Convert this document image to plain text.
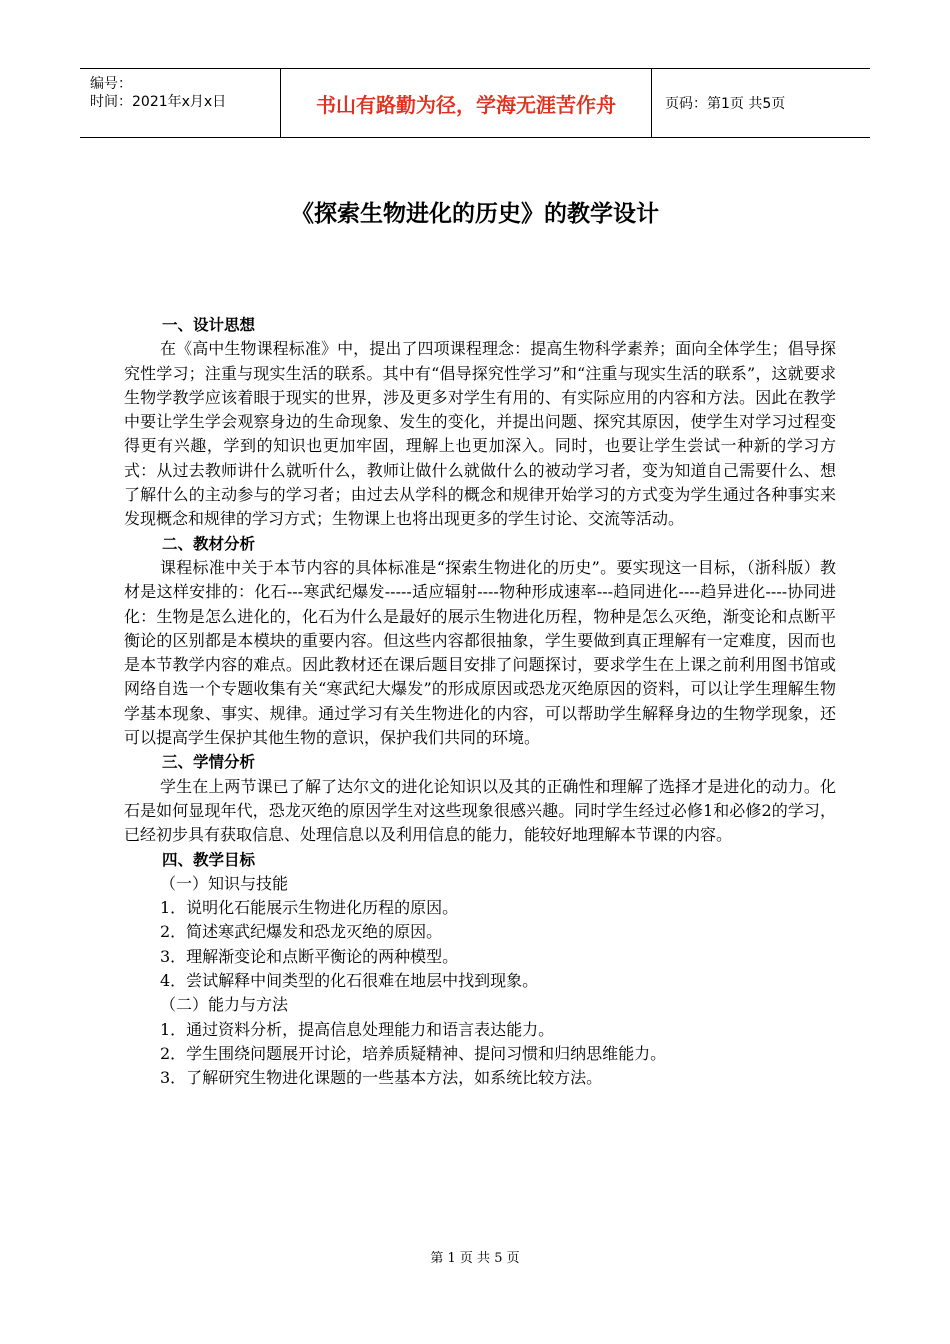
编号：
时间：2021年x月x日	书山有路勤为径，学海无涯苦作舟	页码：第1页 共5页
《探索生物进化的历史》的教学设计

一、设计思想

在《高中生物课程标准》中，提出了四项课程理念：提高生物科学素养；面向全体学生；倡导探究性学习；注重与现实生活的联系。其中有“倡导探究性学习”和“注重与现实生活的联系”，这就要求生物学教学应该着眼于现实的世界，涉及更多对学生有用的、有实际应用的内容和方法。因此在教学中要让学生学会观察身边的生命现象、发生的变化，并提出问题、探究其原因，使学生对学习过程变得更有兴趣，学到的知识也更加牢固，理解上也更加深入。同时，也要让学生尝试一种新的学习方式：从过去教师讲什么就听什么，教师让做什么就做什么的被动学习者，变为知道自己需要什么、想了解什么的主动参与的学习者；由过去从学科的概念和规律开始学习的方式变为学生通过各种事实来发现概念和规律的学习方式；生物课上也将出现更多的学生讨论、交流等活动。

二、教材分析

课程标准中关于本节内容的具体标准是“探索生物进化的历史”。要实现这一目标，（浙科版）教材是这样安排的：化石---寒武纪爆发-----适应辐射----物种形成速率---趋同进化----趋异进化----协同进化：生物是怎么进化的，化石为什么是最好的展示生物进化历程，物种是怎么灭绝，渐变论和点断平衡论的区别都是本模块的重要内容。但这些内容都很抽象，学生要做到真正理解有一定难度，因而也是本节教学内容的难点。因此教材还在课后题目安排了问题探讨，要求学生在上课之前利用图书馆或网络自选一个专题收集有关“寒武纪大爆发”的形成原因或恐龙灭绝原因的资料，可以让学生理解生物学基本现象、事实、规律。通过学习有关生物进化的内容，可以帮助学生解释身边的生物学现象，还可以提高学生保护其他生物的意识，保护我们共同的环境。

三、学情分析

学生在上两节课已了解了达尔文的进化论知识以及其的正确性和理解了选择才是进化的动力。化石是如何显现年代，恐龙灭绝的原因学生对这些现象很感兴趣。同时学生经过必修1和必修2的学习，已经初步具有获取信息、处理信息以及利用信息的能力，能较好地理解本节课的内容。

四、教学目标

（一）知识与技能

1．说明化石能展示生物进化历程的原因。

2．简述寒武纪爆发和恐龙灭绝的原因。

3．理解渐变论和点断平衡论的两种模型。

4．尝试解释中间类型的化石很难在地层中找到现象。

（二）能力与方法

1．通过资料分析，提高信息处理能力和语言表达能力。

2．学生围绕问题展开讨论，培养质疑精神、提问习惯和归纳思维能力。

3．了解研究生物进化课题的一些基本方法，如系统比较方法。

第 1 页 共 5 页
